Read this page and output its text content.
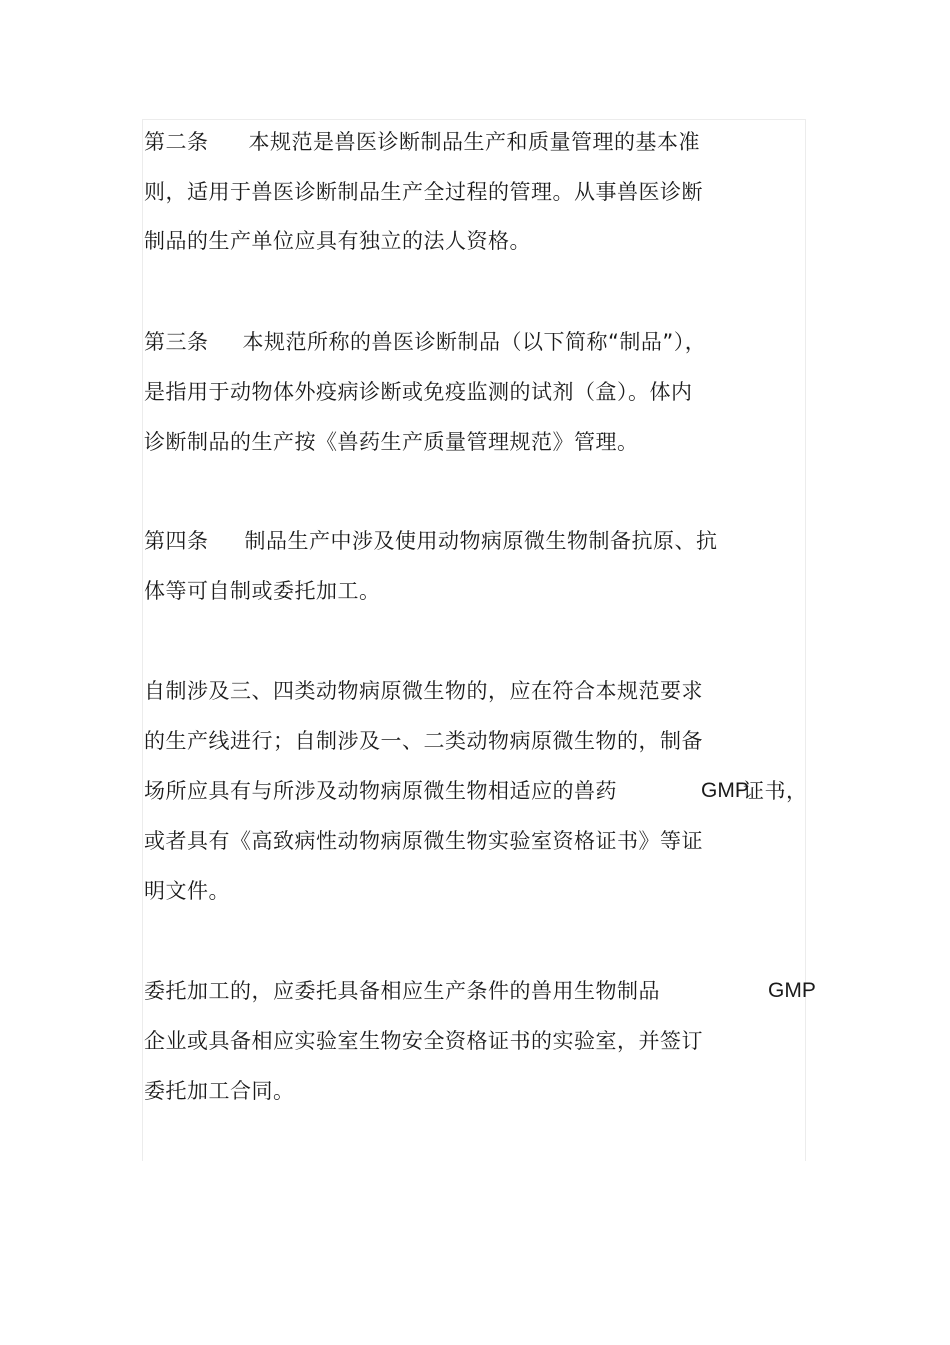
第二条 本规范是兽医诊断制品生产和质量管理的基本准
则，适用于兽医诊断制品生产全过程的管理。从事兽医诊断
制品的生产单位应具有独立的法人资格。
第三条 本规范所称的兽医诊断制品（以下简称“制品”），
是指用于动物体外疫病诊断或免疫监测的试剂（盒）。体内
诊断制品的生产按《兽药生产质量管理规范》管理。
第四条 制品生产中涉及使用动物病原微生物制备抗原、抗
体等可自制或委托加工。
自制涉及三、四类动物病原微生物的，应在符合本规范要求
的生产线进行；自制涉及一、二类动物病原微生物的，制备
场所应具有与所涉及动物病原微生物相适应的兽药	GMP
证书，
或者具有《高致病性动物病原微生物实验室资格证书》等证
明文件。
委托加工的，应委托具备相应生产条件的兽用生物制品	GMP
企业或具备相应实验室生物安全资格证书的实验室，并签订
委托加工合同。
